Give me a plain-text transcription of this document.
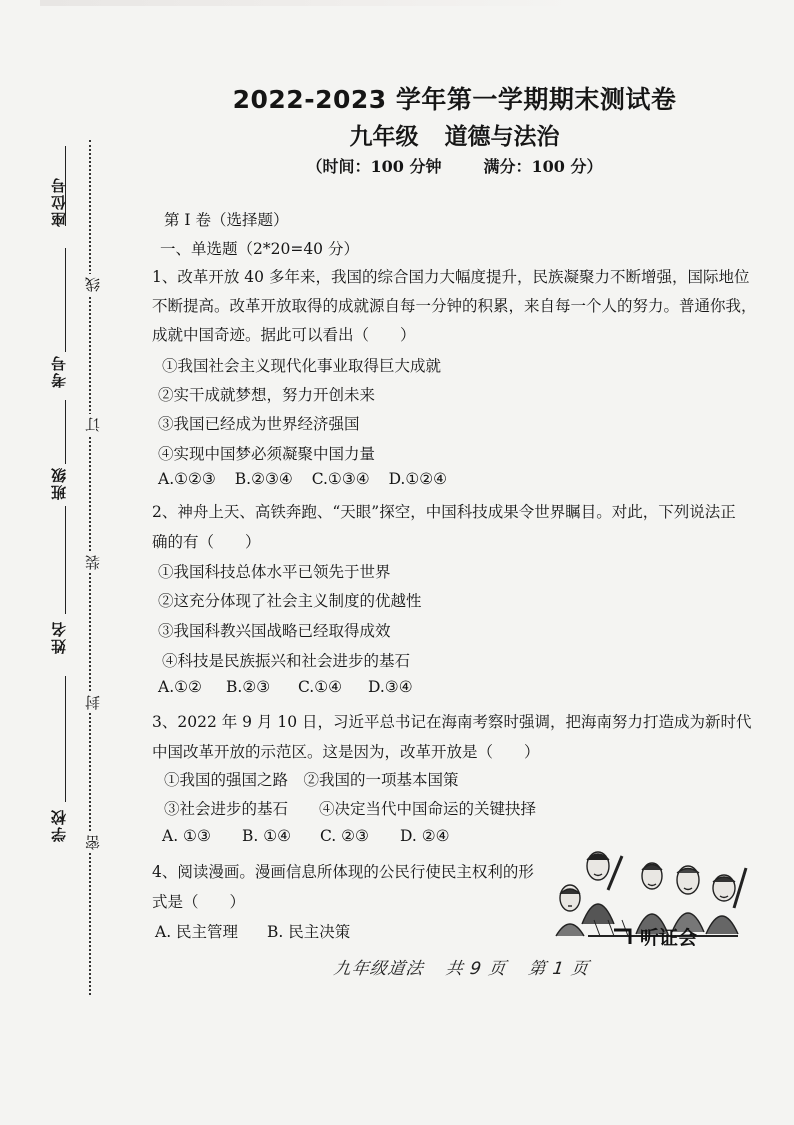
座位号
考号
班级
姓名
学校
线
订
装
封
密
2022-2023 学年第一学期期末测试卷
九年级 道德与法治
（时间：100 分钟	满分：100 分）
第 I 卷（选择题）
一、单选题（2*20=40 分）
1、改革开放 40 多年来，我国的综合国力大幅度提升，民族凝聚力不断增强，国际地位
不断提高。改革开放取得的成就源自每一分钟的积累，来自每一个人的努力。普通你我，
成就中国奇迹。据此可以看出（　　）
①我国社会主义现代化事业取得巨大成就
②实干成就梦想，努力开创未来
③我国已经成为世界经济强国
④实现中国梦必须凝聚中国力量
A.①②③ B.②③④ C.①③④ D.①②④
2、神舟上天、高铁奔跑、“天眼”探空，中国科技成果令世界瞩目。对此，下列说法正
确的有（　　）
①我国科技总体水平已领先于世界
②这充分体现了社会主义制度的优越性
③我国科教兴国战略已经取得成效
④科技是民族振兴和社会进步的基石
A.①② B.②③ C.①④ D.③④
3、2022 年 9 月 10 日，习近平总书记在海南考察时强调，把海南努力打造成为新时代
中国改革开放的示范区。这是因为，改革开放是（　　）
①我国的强国之路　②我国的一项基本国策
③社会进步的基石　　④决定当代中国命运的关键抉择
A. ①③ B. ①④ C. ②③ D. ②④
4、阅读漫画。漫画信息所体现的公民行使民主权利的形
式是（　　）
A. 民主管理 B. 民主决策	听证会
九年级道法 共 9 页 第 1 页
